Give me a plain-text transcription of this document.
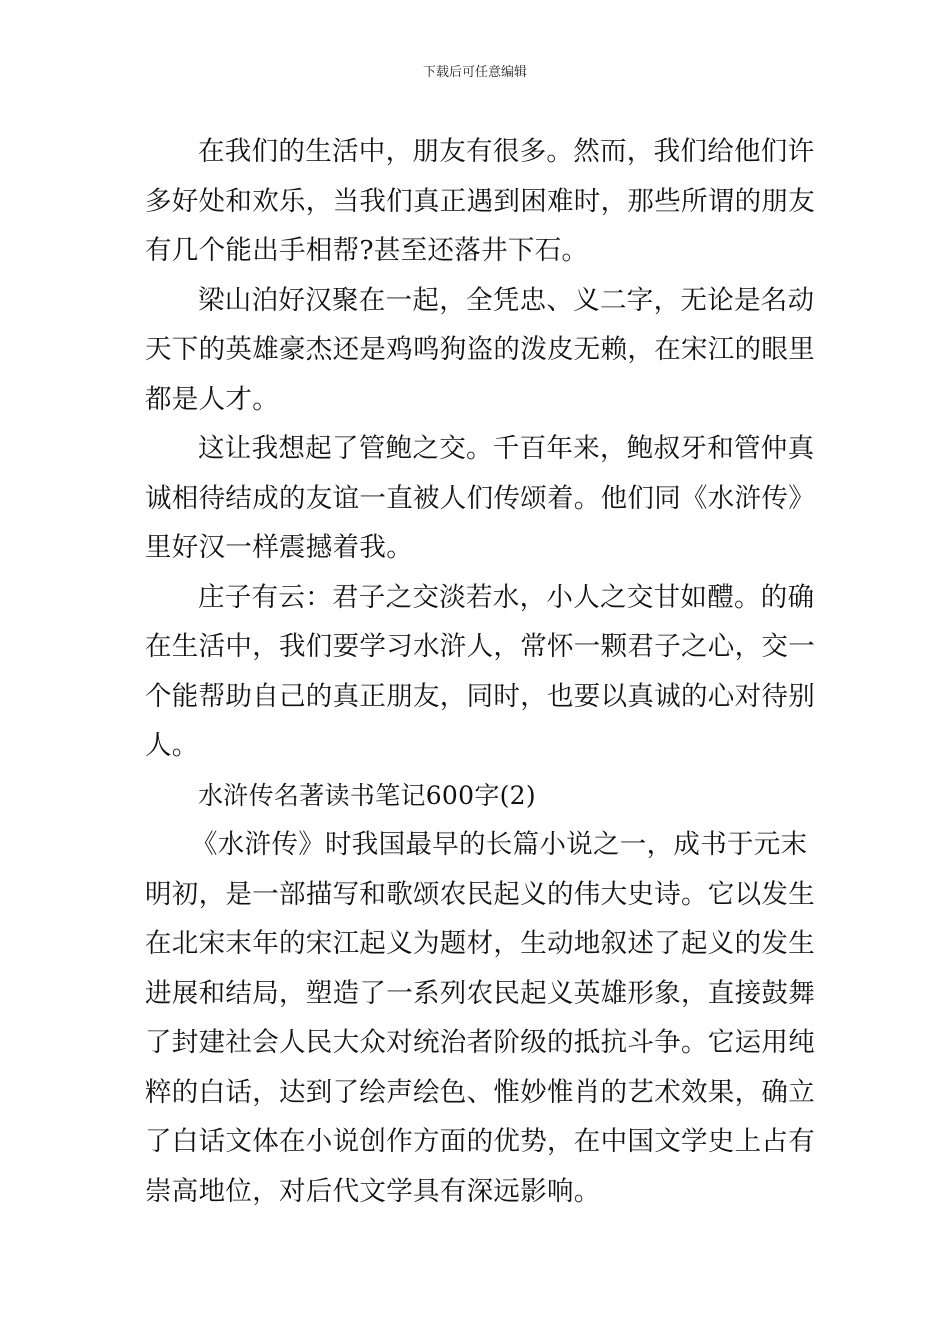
下载后可任意编辑
在我们的生活中，朋友有很多。然而，我们给他们许
多好处和欢乐，当我们真正遇到困难时，那些所谓的朋友
有几个能出手相帮?甚至还落井下石。
梁山泊好汉聚在一起，全凭忠、义二字，无论是名动
天下的英雄豪杰还是鸡鸣狗盗的泼皮无赖，在宋江的眼里
都是人才。
这让我想起了管鲍之交。千百年来，鲍叔牙和管仲真
诚相待结成的友谊一直被人们传颂着。他们同《水浒传》
里好汉一样震撼着我。
庄子有云：君子之交淡若水，小人之交甘如醴。的确
在生活中，我们要学习水浒人，常怀一颗君子之心，交一
个能帮助自己的真正朋友，同时，也要以真诚的心对待别
人。
水浒传名著读书笔记600字(2)
《水浒传》时我国最早的长篇小说之一，成书于元末
明初，是一部描写和歌颂农民起义的伟大史诗。它以发生
在北宋末年的宋江起义为题材，生动地叙述了起义的发生
进展和结局，塑造了一系列农民起义英雄形象，直接鼓舞
了封建社会人民大众对统治者阶级的抵抗斗争。它运用纯
粹的白话，达到了绘声绘色、惟妙惟肖的艺术效果，确立
了白话文体在小说创作方面的优势，在中国文学史上占有
崇高地位，对后代文学具有深远影响。
